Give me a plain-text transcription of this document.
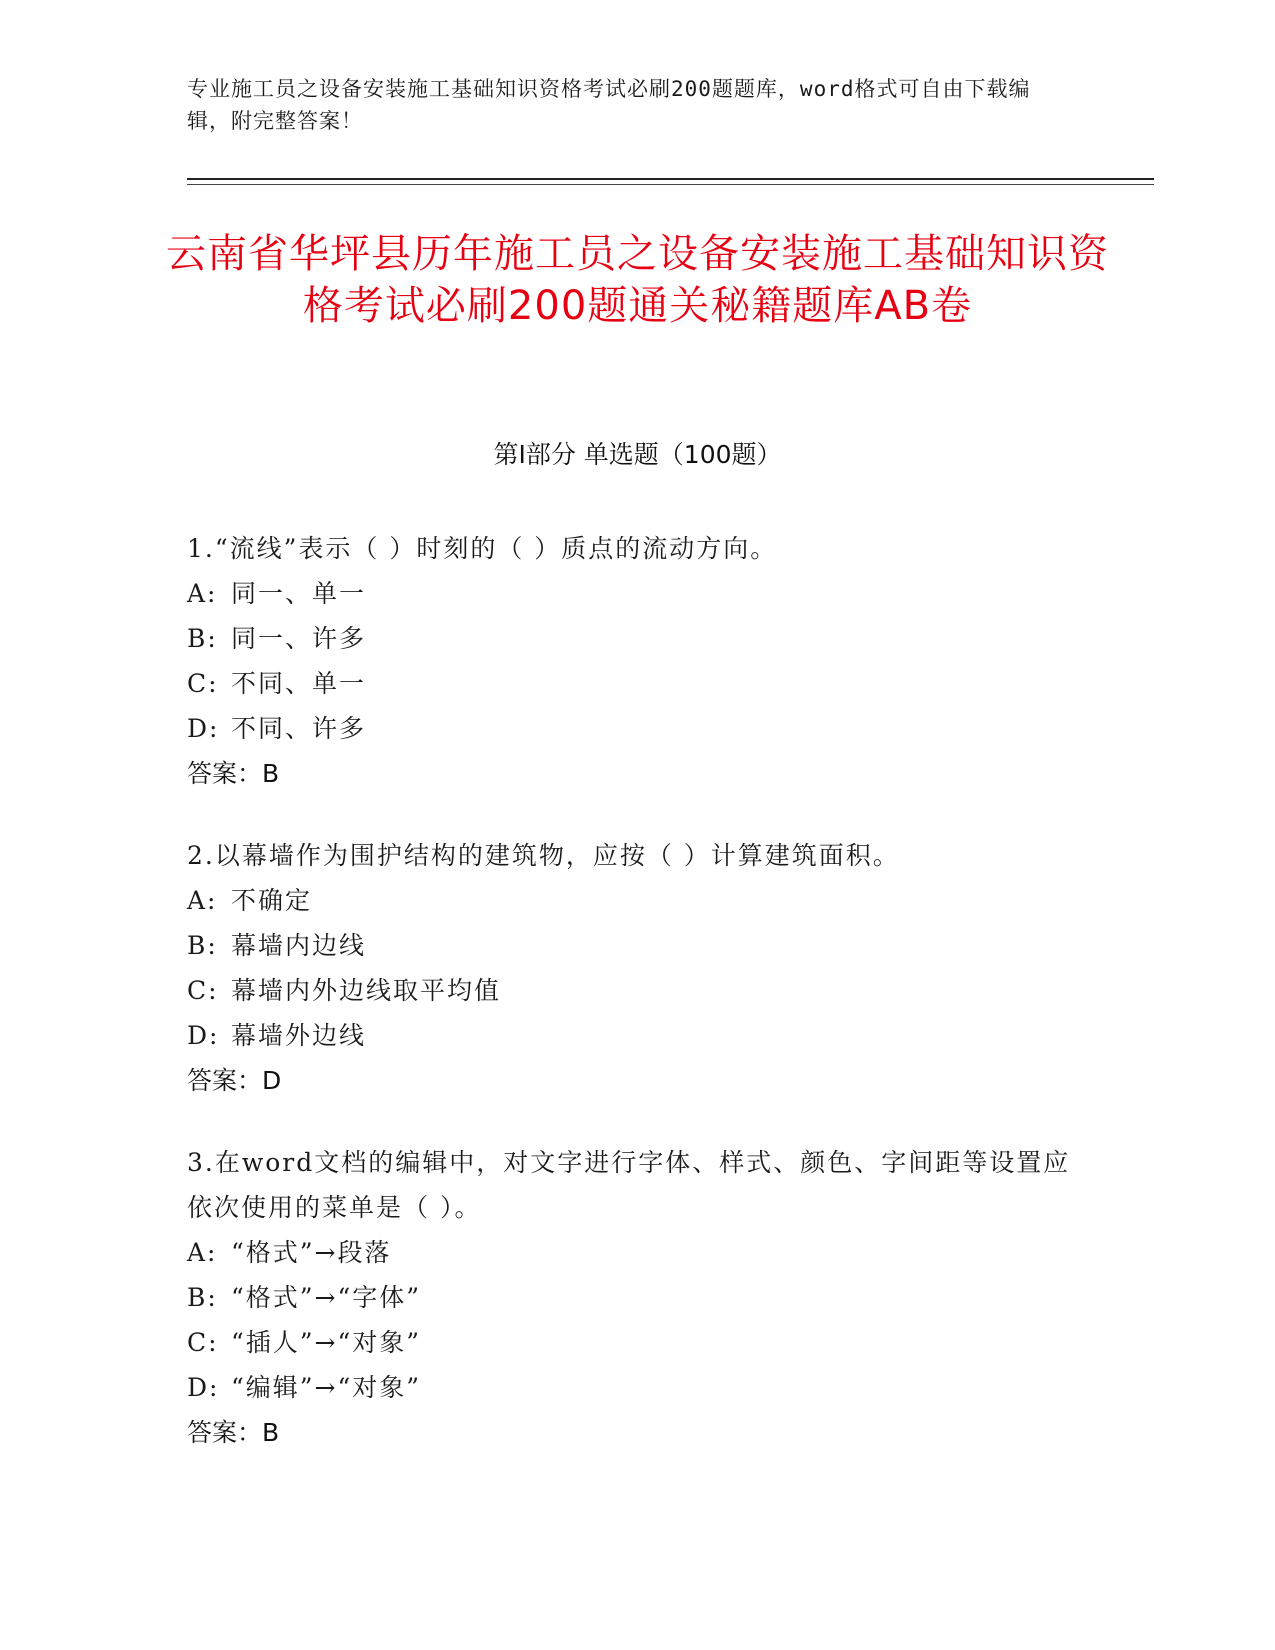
专业施工员之设备安装施工基础知识资格考试必刷200题题库，word格式可自由下载编辑，附完整答案！
云南省华坪县历年施工员之设备安装施工基础知识资格考试必刷200题通关秘籍题库AB卷
第Ⅰ部分 单选题（100题）
1.“流线”表示（ ）时刻的（ ）质点的流动方向。
A: 同一、单一
B: 同一、许多
C: 不同、单一
D: 不同、许多
答案：B
2.以幕墙作为围护结构的建筑物，应按（ ）计算建筑面积。
A: 不确定
B: 幕墙内边线
C: 幕墙内外边线取平均值
D: 幕墙外边线
答案：D
3.在word文档的编辑中，对文字进行字体、样式、颜色、字间距等设置应依次使用的菜单是（ ）。
A: “格式”→段落
B: “格式”→“字体”
C: “插人”→“对象”
D: “编辑”→“对象”
答案：B
